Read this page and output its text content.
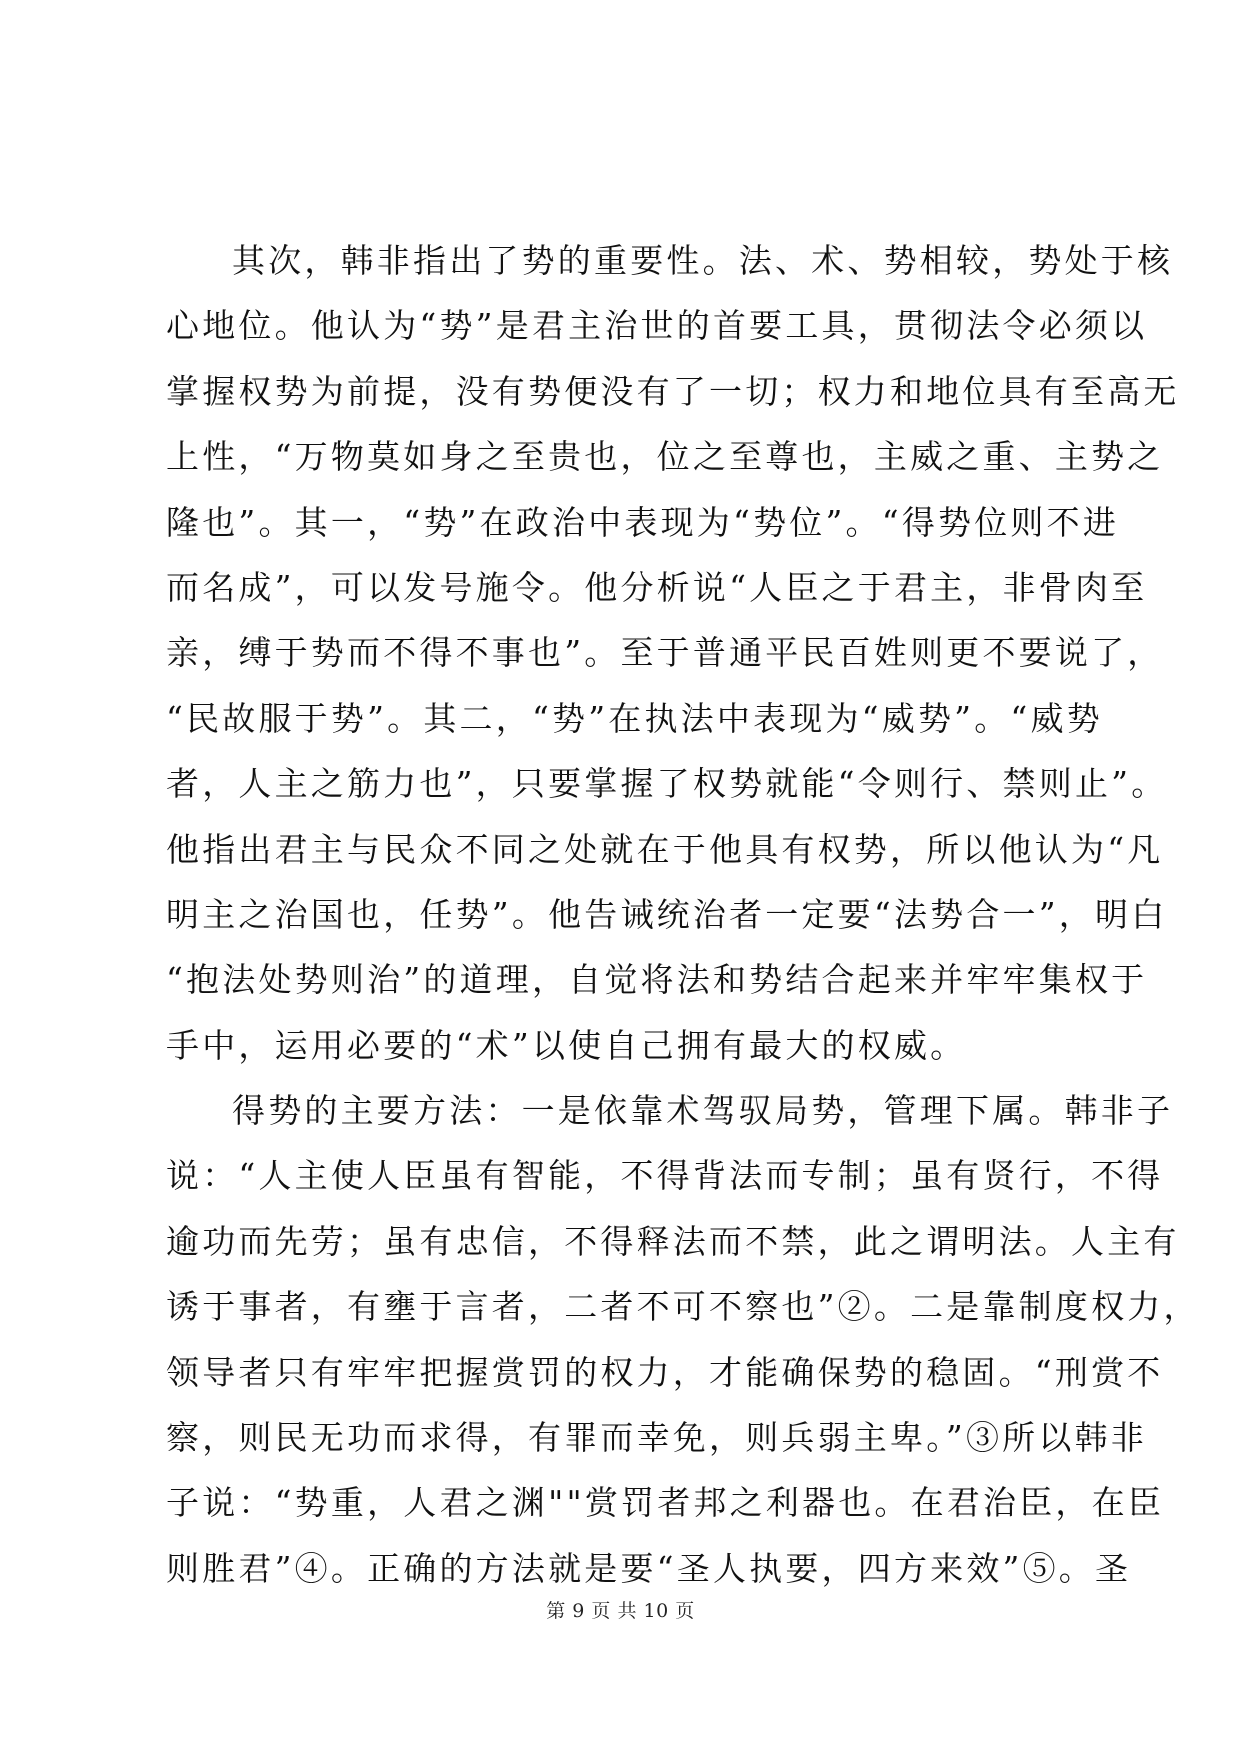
其次，韩非指出了势的重要性。法、术、势相较，势处于核
心地位。他认为“势”是君主治世的首要工具，贯彻法令必须以
掌握权势为前提，没有势便没有了一切；权力和地位具有至高无
上性，“万物莫如身之至贵也，位之至尊也，主威之重、主势之
隆也”。其一，“势”在政治中表现为“势位”。“得势位则不进
而名成”，可以发号施令。他分析说“人臣之于君主，非骨肉至
亲，缚于势而不得不事也”。至于普通平民百姓则更不要说了，
“民故服于势”。其二，“势”在执法中表现为“威势”。“威势
者，人主之筋力也”，只要掌握了权势就能“令则行、禁则止”。
他指出君主与民众不同之处就在于他具有权势，所以他认为“凡
明主之治国也，任势”。他告诫统治者一定要“法势合一”，明白
“抱法处势则治”的道理，自觉将法和势结合起来并牢牢集权于
手中，运用必要的“术”以使自己拥有最大的权威。
得势的主要方法：一是依靠术驾驭局势，管理下属。韩非子
说：“人主使人臣虽有智能，不得背法而专制；虽有贤行，不得
逾功而先劳；虽有忠信，不得释法而不禁，此之谓明法。人主有
诱于事者，有壅于言者，二者不可不察也”②。二是靠制度权力，
领导者只有牢牢把握赏罚的权力，才能确保势的稳固。“刑赏不
察，则民无功而求得，有罪而幸免，则兵弱主卑。”③所以韩非
子说：“势重，人君之渊""赏罚者邦之利器也。在君治臣，在臣
则胜君”④。正确的方法就是要“圣人执要，四方来效”⑤。圣
第 9 页 共 10 页
